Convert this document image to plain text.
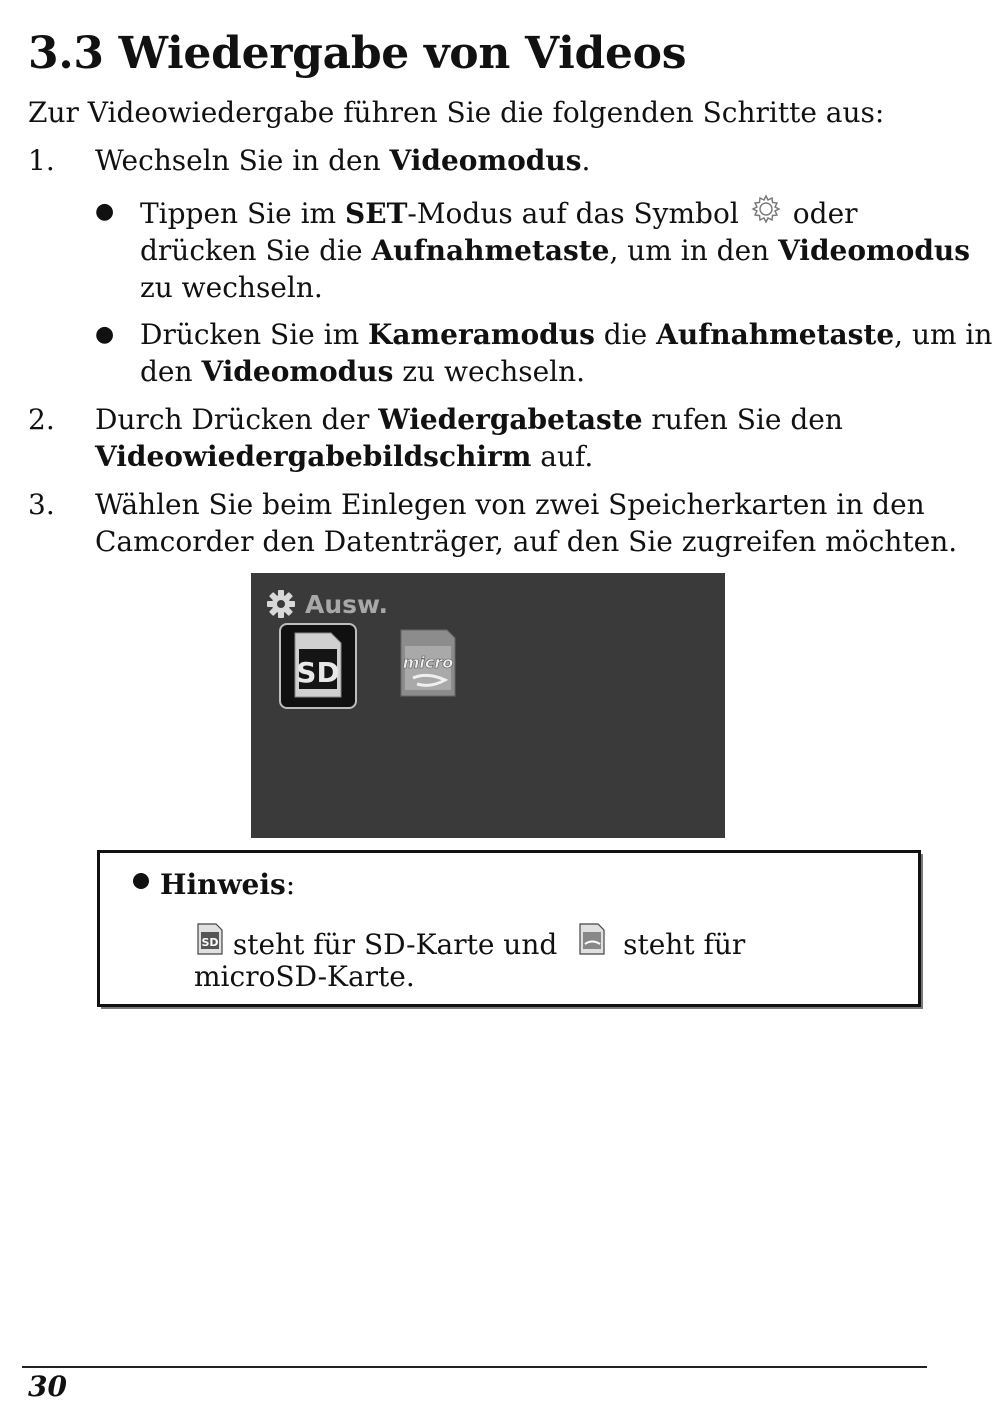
3.3 Wiedergabe von Videos
Zur Videowiedergabe führen Sie die folgenden Schritte aus:
1. Wechseln Sie in den Videomodus.
● Tippen Sie im SET-Modus auf das Symbol oder
drücken Sie die Aufnahmetaste, um in den Videomodus
zu wechseln.
● Drücken Sie im Kameramodus die Aufnahmetaste, um in
den Videomodus zu wechseln.
2. Durch Drücken der Wiedergabetaste rufen Sie den
Videowiedergabebildschirm auf.
3. Wählen Sie beim Einlegen von zwei Speicherkarten in den
Camcorder den Datenträger, auf den Sie zugreifen möchten.
Ausw.
SD	micro
Hinweis:
SD steht für SD-Karte und steht für
microSD-Karte.
30
